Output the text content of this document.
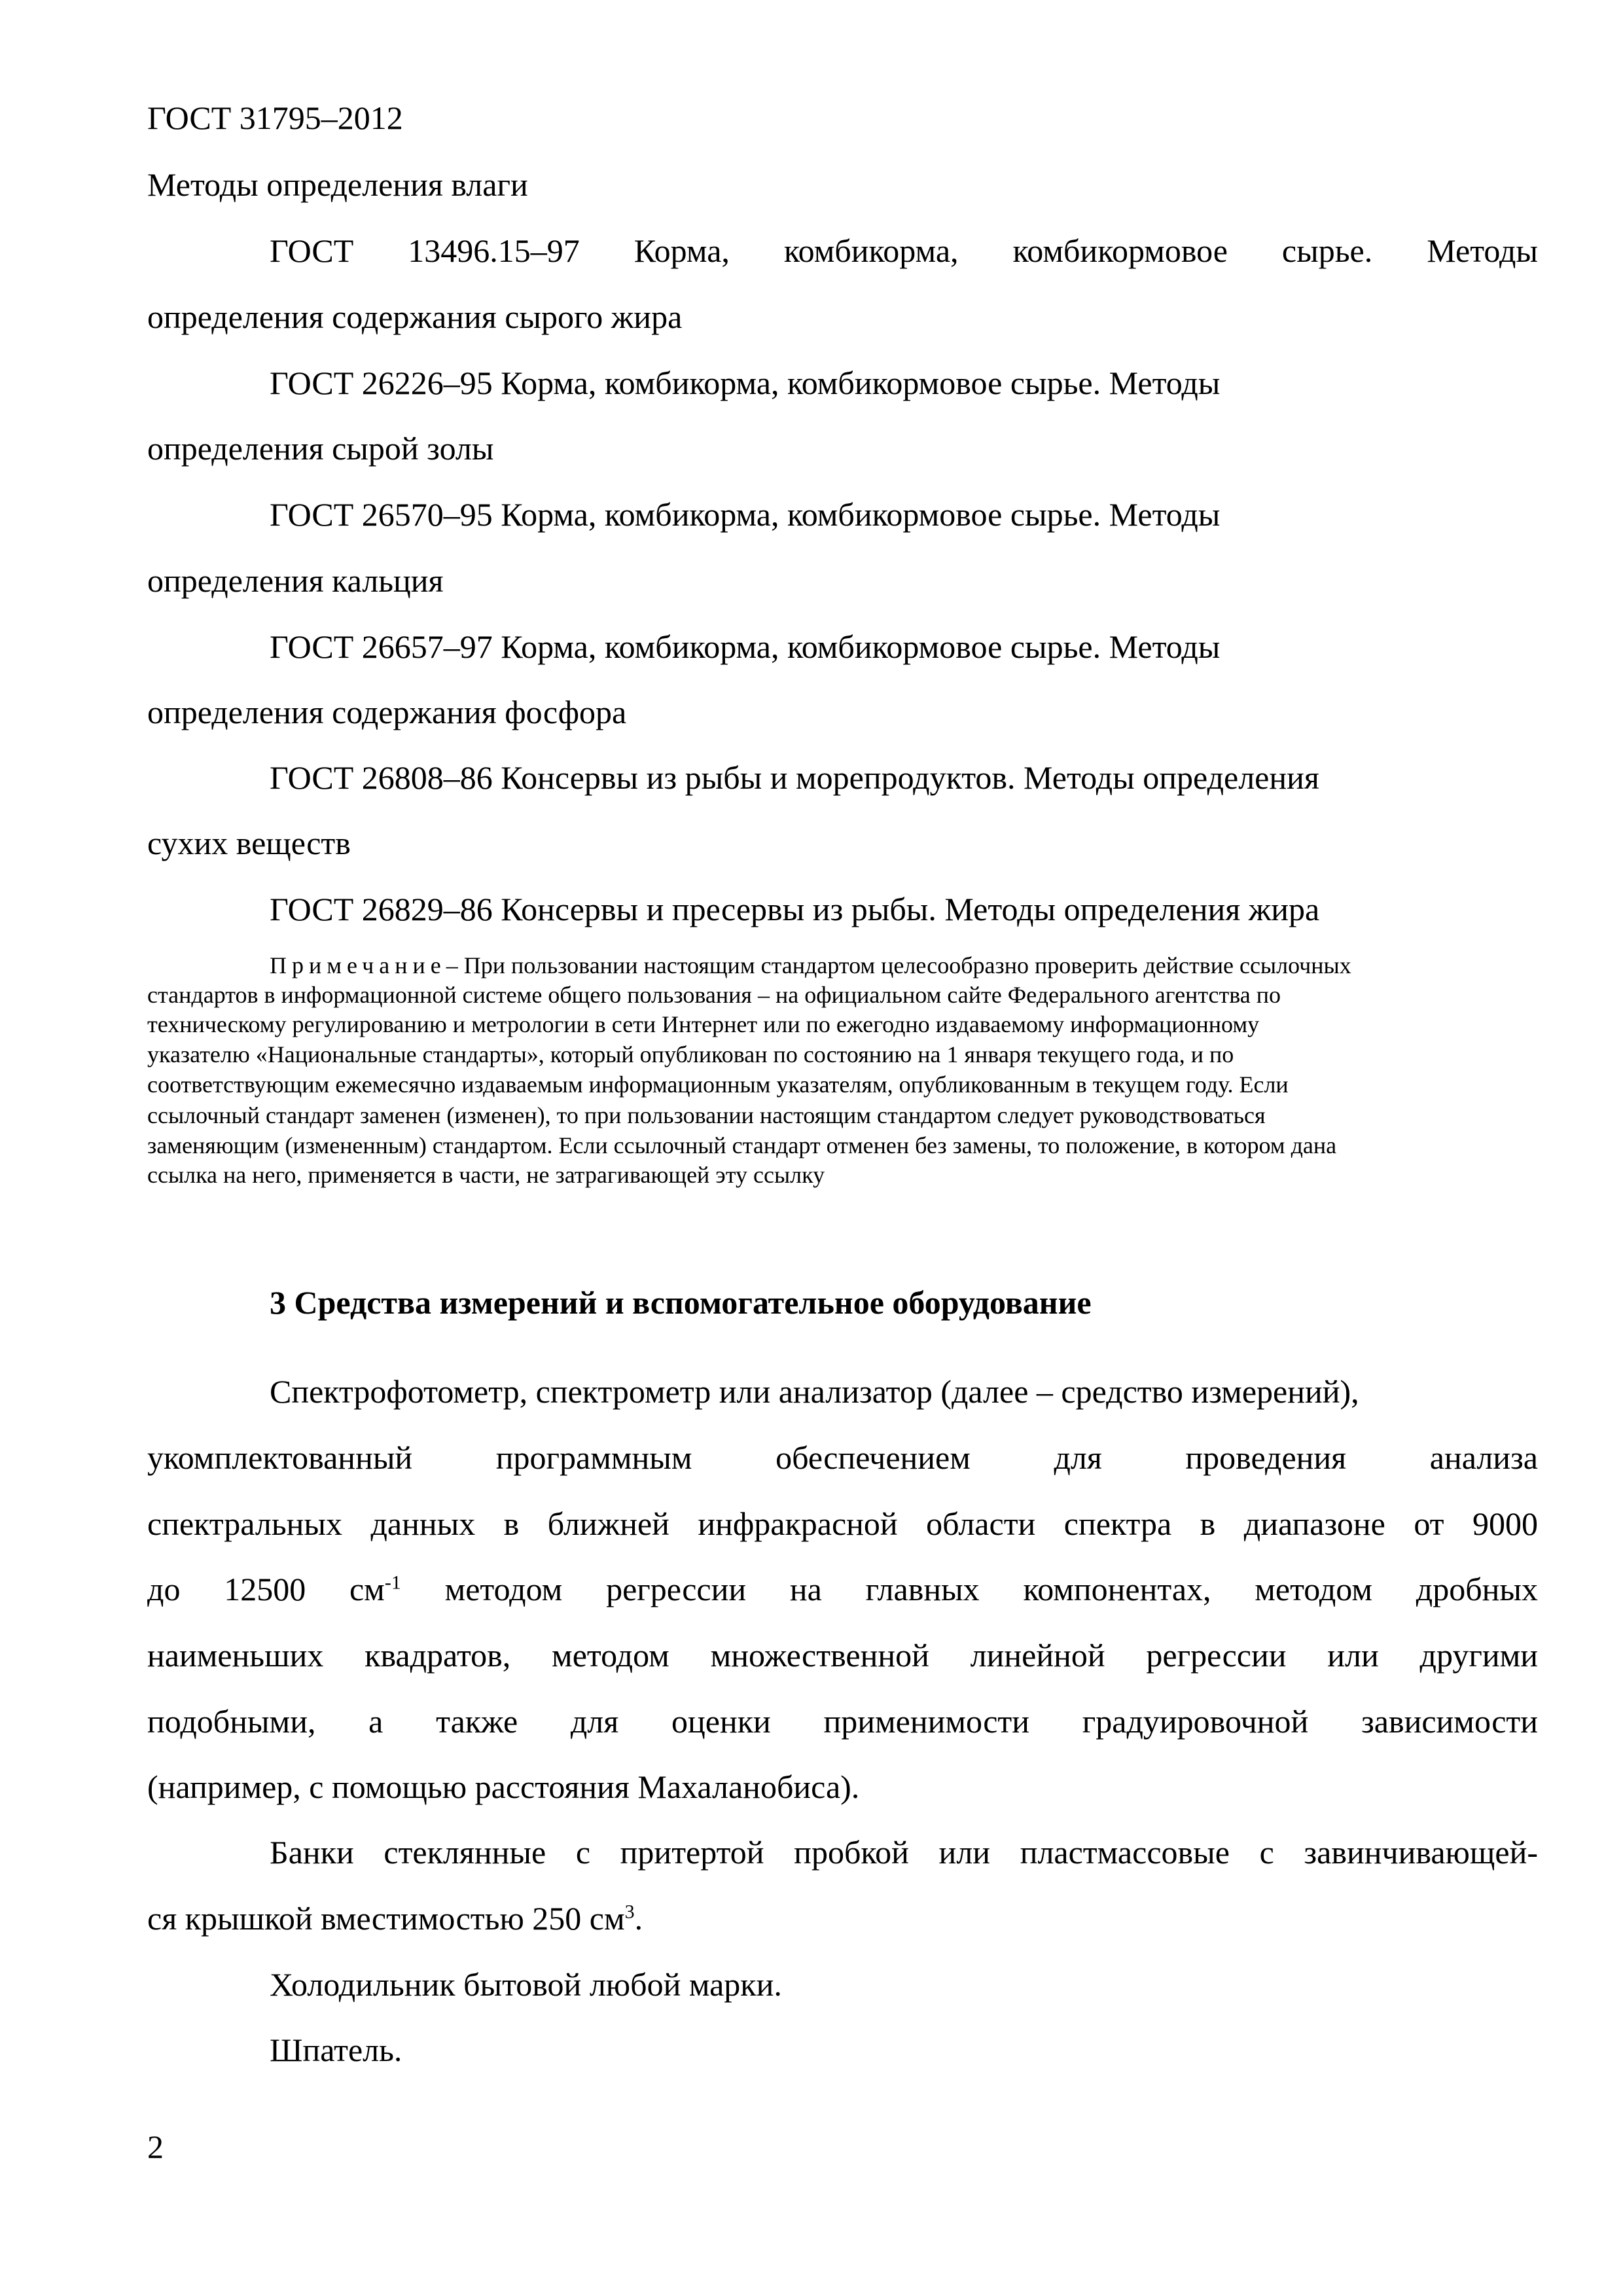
ГОСТ 31795–2012
Методы определения влаги
ГОСТ 13496.15–97 Корма, комбикорма, комбикормовое сырье. Методы
определения содержания сырого жира
ГОСТ 26226–95 Корма, комбикорма, комбикормовое сырье. Методы
определения сырой золы
ГОСТ 26570–95 Корма, комбикорма, комбикормовое сырье. Методы
определения кальция
ГОСТ 26657–97 Корма, комбикорма, комбикормовое сырье. Методы
определения содержания фосфора
ГОСТ 26808–86 Консервы из рыбы и морепродуктов. Методы определения
сухих веществ
ГОСТ 26829–86 Консервы и пресервы из рыбы. Методы определения жира
Примечание– При пользовании настоящим стандартом целесообразно проверить действие ссылочных
стандартов в информационной системе общего пользования – на официальном сайте Федерального агентства по
техническому регулированию и метрологии в сети Интернет или по ежегодно издаваемому информационному
указателю «Национальные стандарты», который опубликован по состоянию на 1 января текущего года, и по
соответствующим ежемесячно издаваемым информационным указателям, опубликованным в текущем году. Если
ссылочный стандарт заменен (изменен), то при пользовании настоящим стандартом следует руководствоваться
заменяющим (измененным) стандартом. Если ссылочный стандарт отменен без замены, то положение, в котором дана
ссылка на него, применяется в части, не затрагивающей эту ссылку
3 Средства измерений и вспомогательное оборудование
Спектрофотометр, спектрометр или анализатор (далее – средство измерений),
укомплектованный программным обеспечением для проведения анализа
спектральных данных в ближней инфракрасной области спектра в диапазоне от 9000
до 12500 $см^{-1}$ методом регрессии на главных компонентах, методом дробных
наименьших квадратов, методом множественной линейной регрессии или другими
подобными, а также для оценки применимости градуировочной зависимости
(например, с помощью расстояния Махаланобиса).
Банки стеклянные с притертой пробкой или пластмассовые с завинчивающей-
ся крышкой вместимостью 250 $см^3$.
Холодильник бытовой любой марки.
Шпатель.
2
